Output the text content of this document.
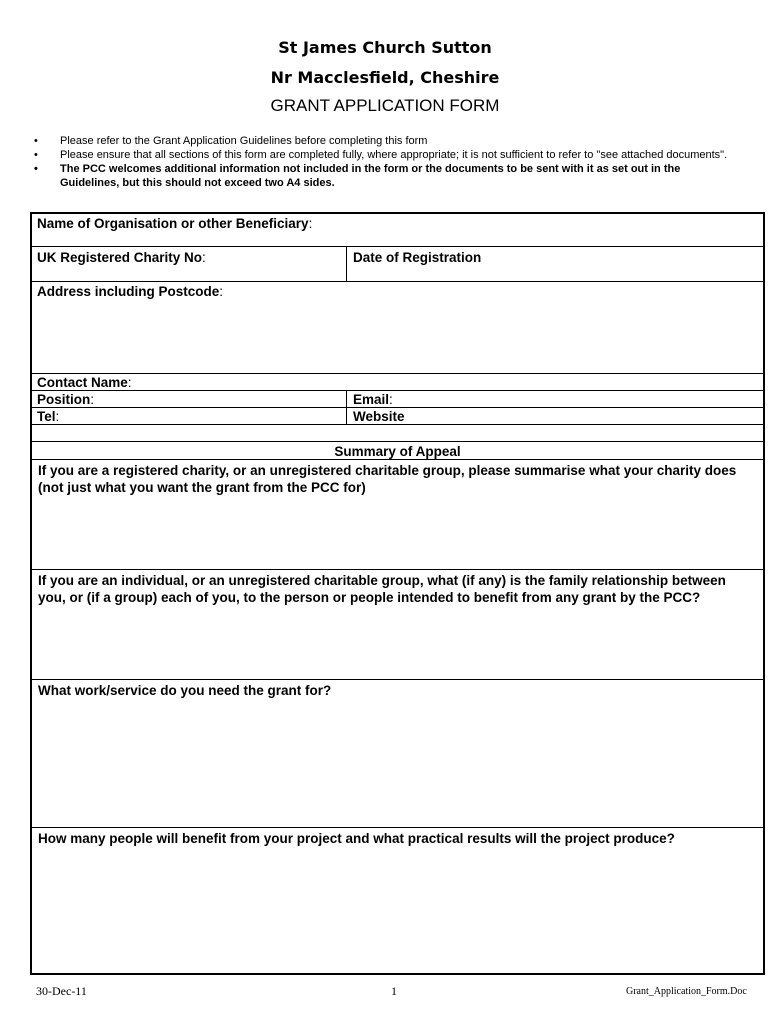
St James Church Sutton
Nr Macclesfield, Cheshire
GRANT APPLICATION FORM
• Please refer to the Grant Application Guidelines before completing this form
• Please ensure that all sections of this form are completed fully, where appropriate; it is not sufficient to refer to "see attached documents".
• The PCC welcomes additional information not included in the form or the documents to be sent with it as set out in the Guidelines, but this should not exceed two A4 sides.
Name of Organisation or other Beneficiary:
UK Registered Charity No:	Date of Registration
Address including Postcode:
Contact Name:
Position:	Email:
Tel:	Website
Summary of Appeal
If you are a registered charity, or an unregistered charitable group, please summarise what your charity does (not just what you want the grant from the PCC for)
If you are an individual, or an unregistered charitable group, what (if any) is the family relationship between you, or (if a group) each of you, to the person or people intended to benefit from any grant by the PCC?
What work/service do you need the grant for?
How many people will benefit from your project and what practical results will the project produce?
30-Dec-11	1	Grant_Application_Form.Doc
